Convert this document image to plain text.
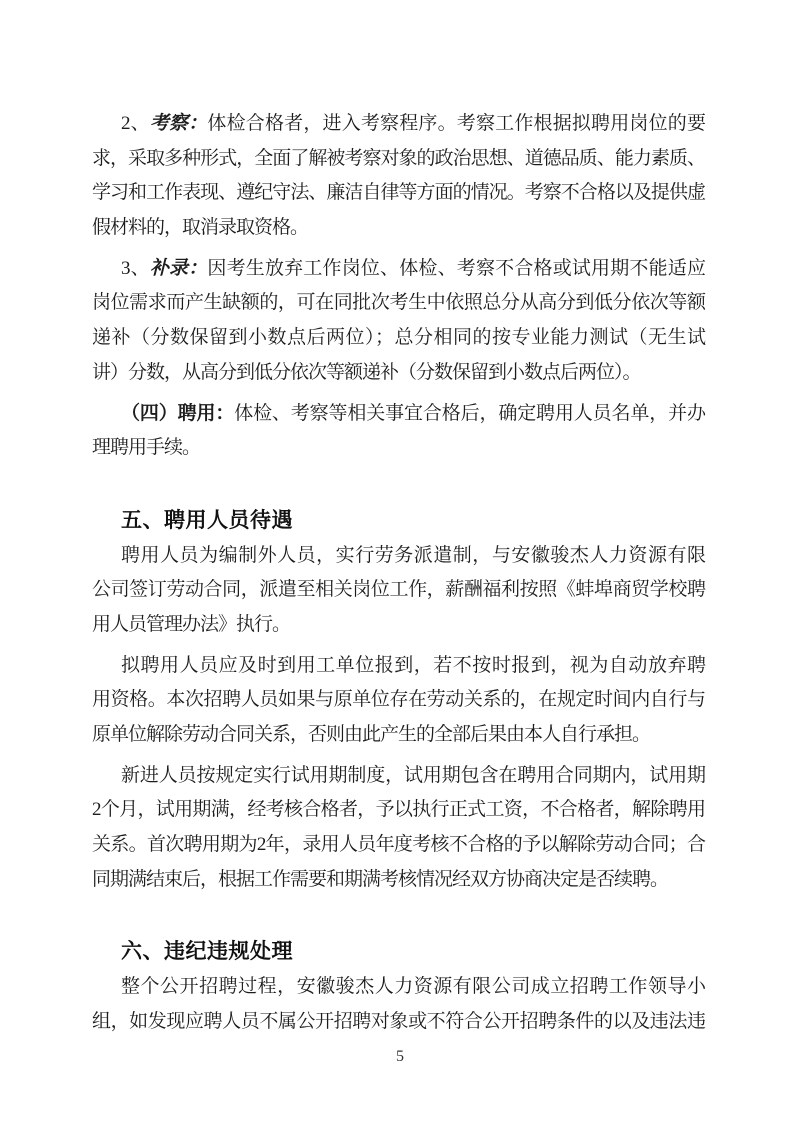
2、考察：体检合格者，进入考察程序。考察工作根据拟聘用岗位的要
求，采取多种形式，全面了解被考察对象的政治思想、道德品质、能力素质、
学习和工作表现、遵纪守法、廉洁自律等方面的情况。考察不合格以及提供虚
假材料的，取消录取资格。
3、补录：因考生放弃工作岗位、体检、考察不合格或试用期不能适应
岗位需求而产生缺额的，可在同批次考生中依照总分从高分到低分依次等额
递补（分数保留到小数点后两位）；总分相同的按专业能力测试（无生试
讲）分数，从高分到低分依次等额递补（分数保留到小数点后两位）。
（四）聘用：体检、考察等相关事宜合格后，确定聘用人员名单，并办
理聘用手续。
五、聘用人员待遇
聘用人员为编制外人员，实行劳务派遣制，与安徽骏杰人力资源有限
公司签订劳动合同，派遣至相关岗位工作，薪酬福利按照《蚌埠商贸学校聘
用人员管理办法》执行。
拟聘用人员应及时到用工单位报到，若不按时报到，视为自动放弃聘
用资格。本次招聘人员如果与原单位存在劳动关系的，在规定时间内自行与
原单位解除劳动合同关系，否则由此产生的全部后果由本人自行承担。
新进人员按规定实行试用期制度，试用期包含在聘用合同期内，试用期
2个月，试用期满，经考核合格者，予以执行正式工资，不合格者，解除聘用
关系。首次聘用期为2年，录用人员年度考核不合格的予以解除劳动合同；合
同期满结束后，根据工作需要和期满考核情况经双方协商决定是否续聘。
六、违纪违规处理
整个公开招聘过程，安徽骏杰人力资源有限公司成立招聘工作领导小
组，如发现应聘人员不属公开招聘对象或不符合公开招聘条件的以及违法违
5
